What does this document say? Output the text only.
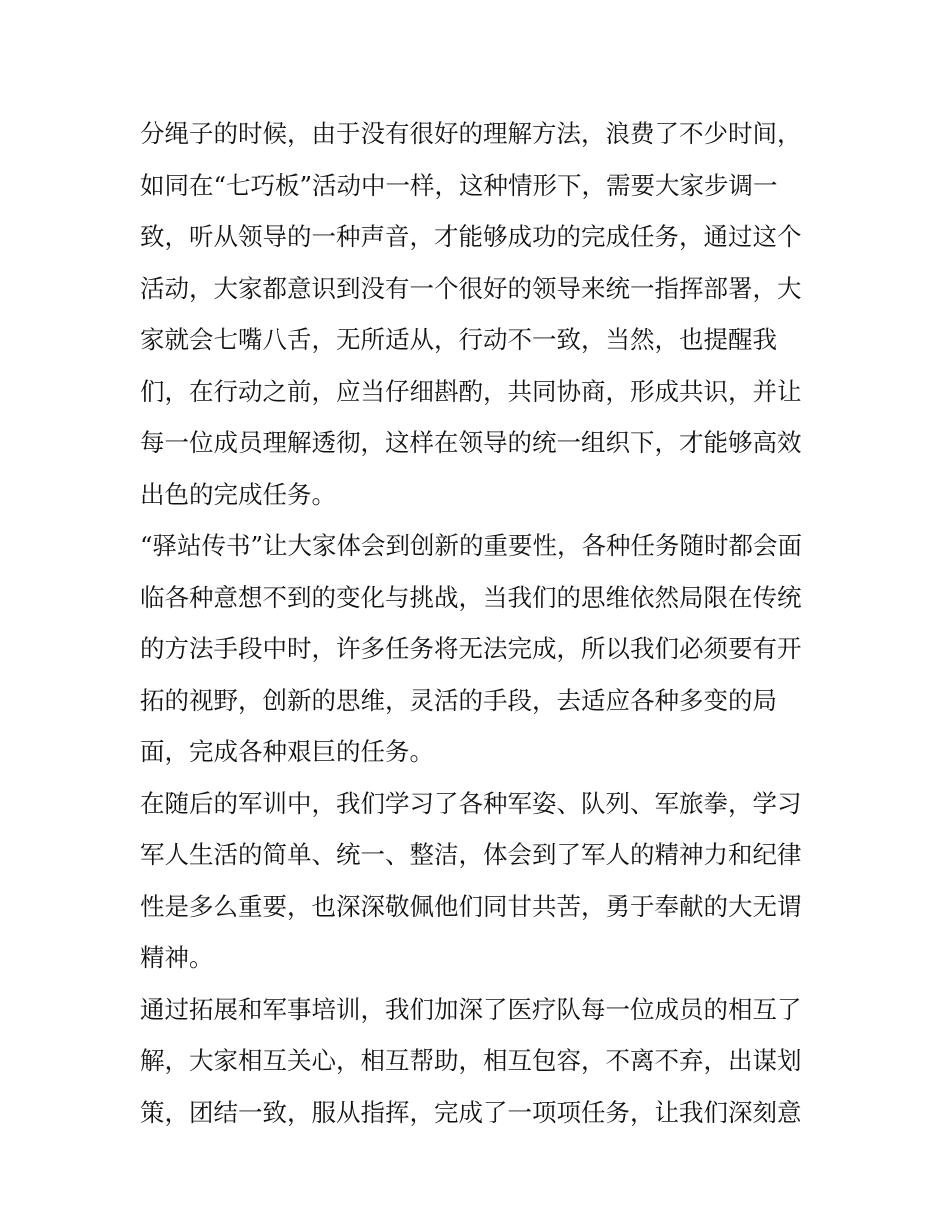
分绳子的时候，由于没有很好的理解方法，浪费了不少时间，
如同在“七巧板”活动中一样，这种情形下，需要大家步调一
致，听从领导的一种声音，才能够成功的完成任务，通过这个
活动，大家都意识到没有一个很好的领导来统一指挥部署，大
家就会七嘴八舌，无所适从，行动不一致，当然，也提醒我
们，在行动之前，应当仔细斟酌，共同协商，形成共识，并让
每一位成员理解透彻，这样在领导的统一组织下，才能够高效
出色的完成任务。
“驿站传书”让大家体会到创新的重要性，各种任务随时都会面
临各种意想不到的变化与挑战，当我们的思维依然局限在传统
的方法手段中时，许多任务将无法完成，所以我们必须要有开
拓的视野，创新的思维，灵活的手段，去适应各种多变的局
面，完成各种艰巨的任务。
在随后的军训中，我们学习了各种军姿、队列、军旅拳，学习
军人生活的简单、统一、整洁，体会到了军人的精神力和纪律
性是多么重要，也深深敬佩他们同甘共苦，勇于奉献的大无谓
精神。
通过拓展和军事培训，我们加深了医疗队每一位成员的相互了
解，大家相互关心，相互帮助，相互包容，不离不弃，出谋划
策，团结一致，服从指挥，完成了一项项任务，让我们深刻意
